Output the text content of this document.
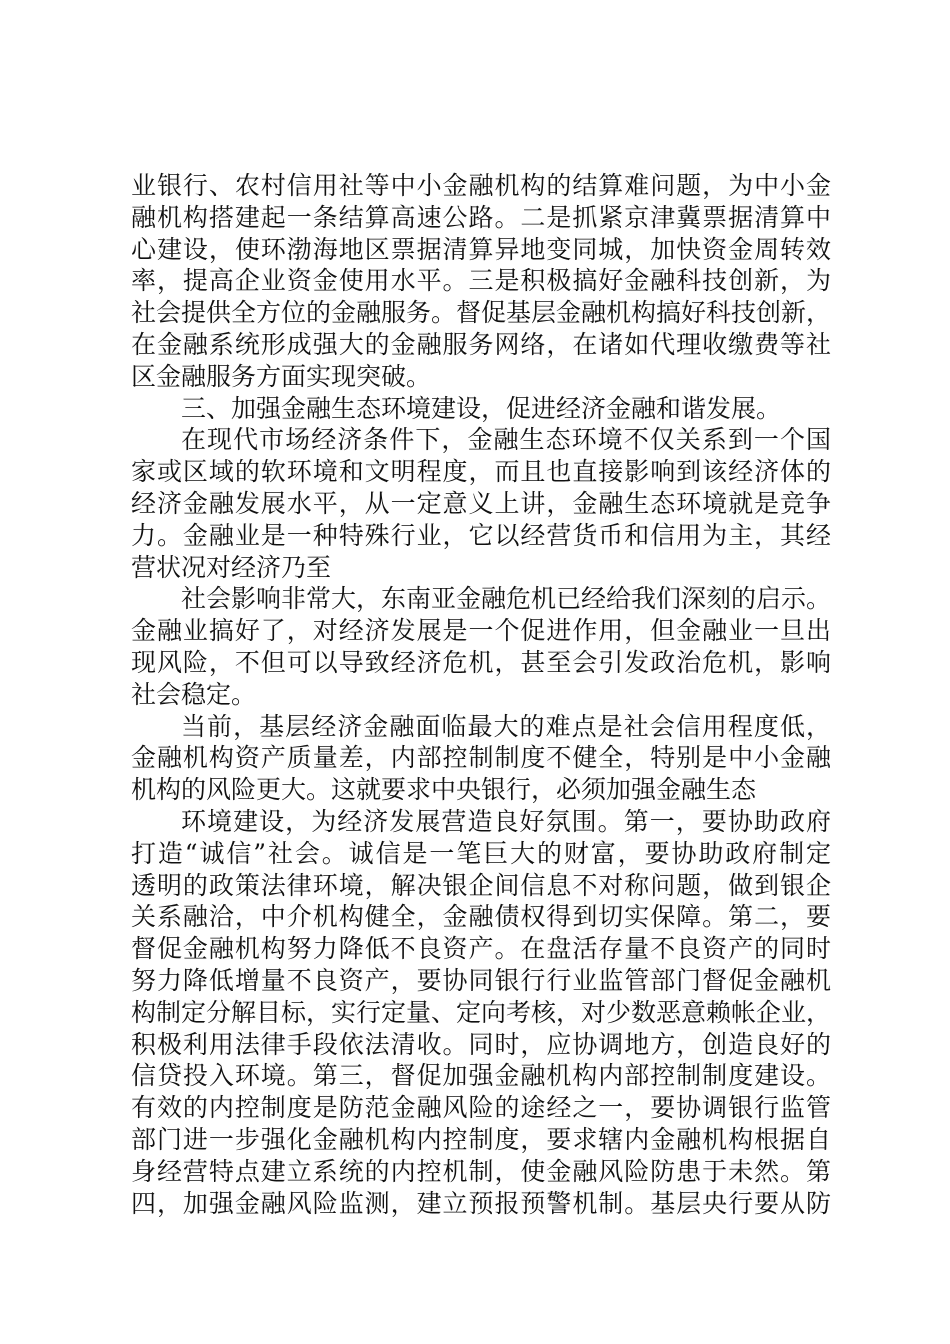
业银行、农村信用社等中小金融机构的结算难问题，为中小金
融机构搭建起一条结算高速公路。二是抓紧京津冀票据清算中
心建设，使环渤海地区票据清算异地变同城，加快资金周转效
率，提高企业资金使用水平。三是积极搞好金融科技创新，为
社会提供全方位的金融服务。督促基层金融机构搞好科技创新，
在金融系统形成强大的金融服务网络，在诸如代理收缴费等社
区金融服务方面实现突破。
三、加强金融生态环境建设，促进经济金融和谐发展。
在现代市场经济条件下，金融生态环境不仅关系到一个国
家或区域的软环境和文明程度，而且也直接影响到该经济体的
经济金融发展水平，从一定意义上讲，金融生态环境就是竞争
力。金融业是一种特殊行业，它以经营货币和信用为主，其经
营状况对经济乃至
社会影响非常大，东南亚金融危机已经给我们深刻的启示。
金融业搞好了，对经济发展是一个促进作用，但金融业一旦出
现风险，不但可以导致经济危机，甚至会引发政治危机，影响
社会稳定。
当前，基层经济金融面临最大的难点是社会信用程度低，
金融机构资产质量差，内部控制制度不健全，特别是中小金融
机构的风险更大。这就要求中央银行，必须加强金融生态
环境建设，为经济发展营造良好氛围。第一，要协助政府
打造“诚信”社会。诚信是一笔巨大的财富，要协助政府制定
透明的政策法律环境，解决银企间信息不对称问题，做到银企
关系融洽，中介机构健全，金融债权得到切实保障。第二，要
督促金融机构努力降低不良资产。在盘活存量不良资产的同时
努力降低增量不良资产，要协同银行行业监管部门督促金融机
构制定分解目标，实行定量、定向考核，对少数恶意赖帐企业，
积极利用法律手段依法清收。同时，应协调地方，创造良好的
信贷投入环境。第三，督促加强金融机构内部控制制度建设。
有效的内控制度是防范金融风险的途经之一，要协调银行监管
部门进一步强化金融机构内控制度，要求辖内金融机构根据自
身经营特点建立系统的内控机制，使金融风险防患于未然。第
四，加强金融风险监测，建立预报预警机制。基层央行要从防
